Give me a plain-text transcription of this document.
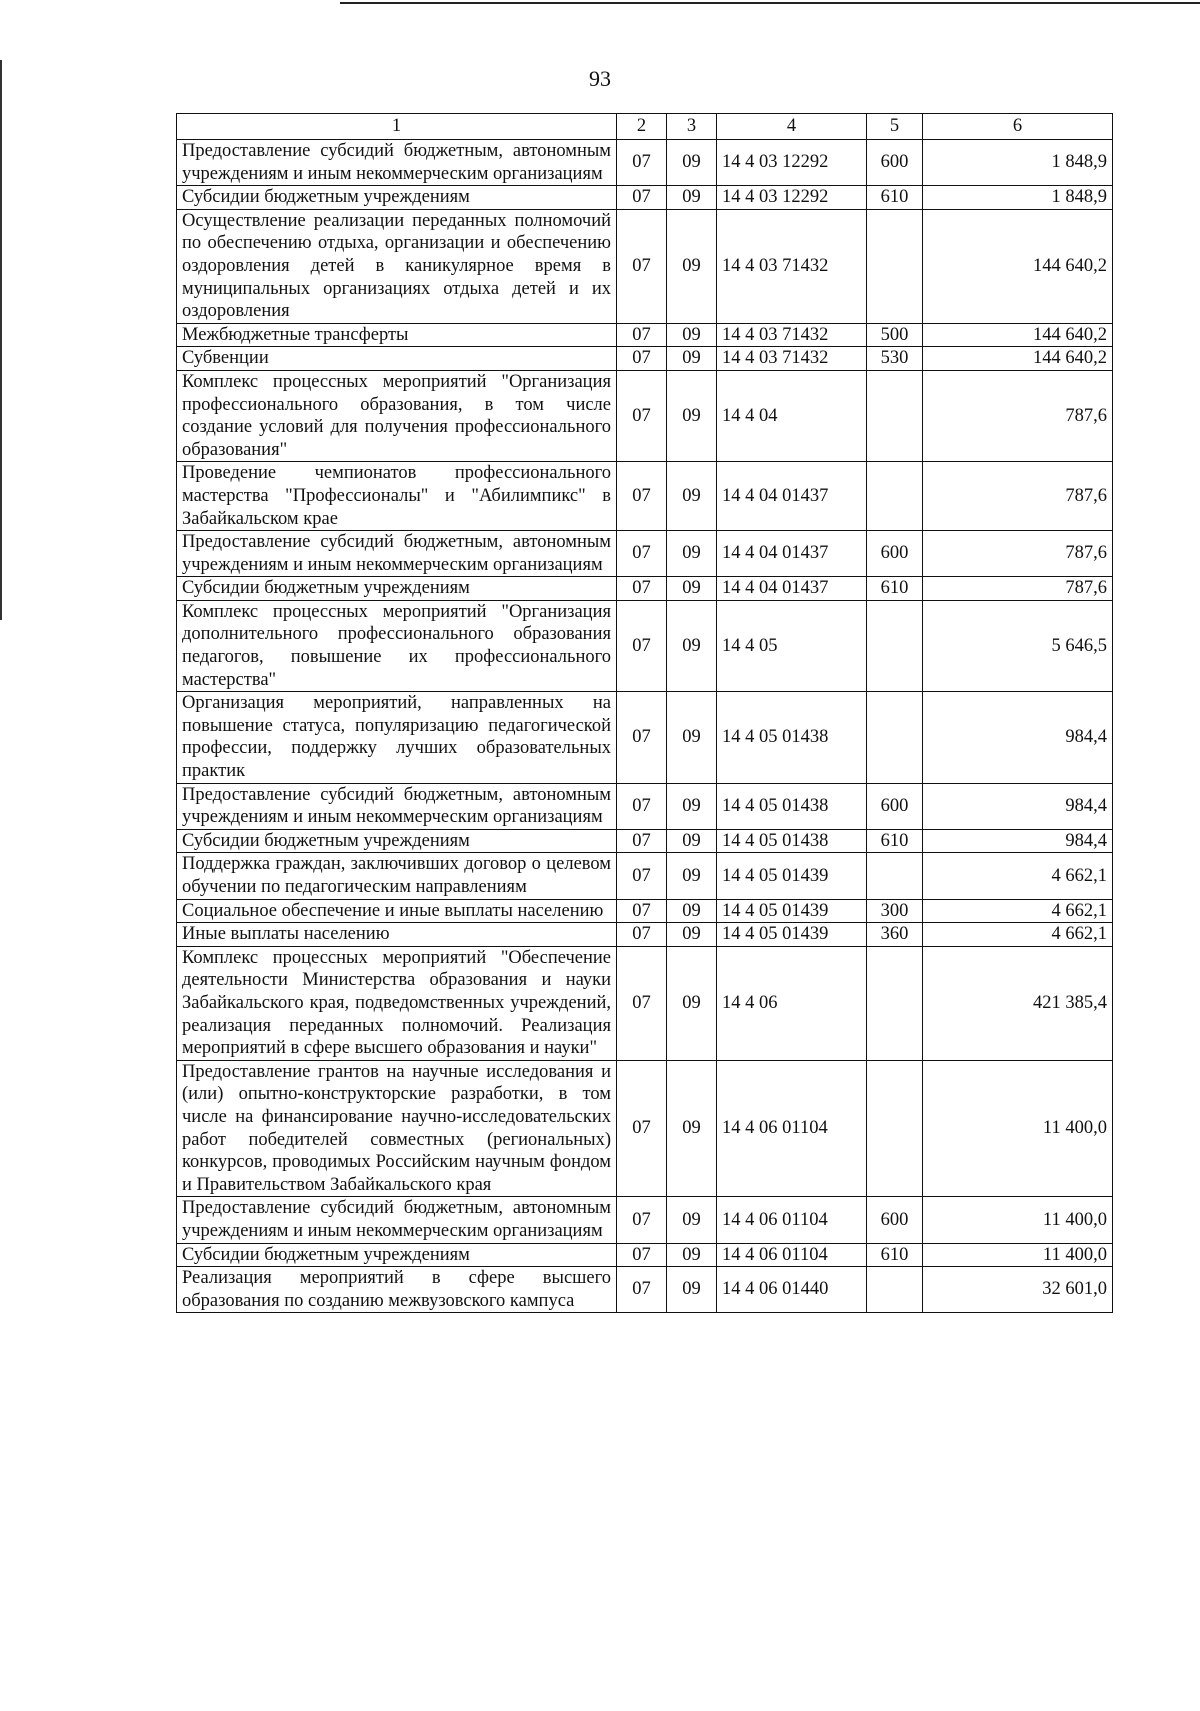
93
1	2	3	4	5	6
Предоставление субсидий бюджетным, автономным учреждениям и иным некоммерческим организациям	07	09	14 4 03 12292	600	1 848,9
Субсидии бюджетным учреждениям	07	09	14 4 03 12292	610	1 848,9
Осуществление реализации переданных полномочий по обеспечению отдыха, организации и обеспечению оздоровления детей в каникулярное время в муниципальных организациях отдыха детей и их оздоровления	07	09	14 4 03 71432		144 640,2
Межбюджетные трансферты	07	09	14 4 03 71432	500	144 640,2
Субвенции	07	09	14 4 03 71432	530	144 640,2
Комплекс процессных мероприятий "Организация профессионального образования, в том числе создание условий для получения профессионального образования"	07	09	14 4 04		787,6
Проведение чемпионатов профессионального мастерства "Профессионалы" и "Абилимпикс" в Забайкальском крае	07	09	14 4 04 01437		787,6
Предоставление субсидий бюджетным, автономным учреждениям и иным некоммерческим организациям	07	09	14 4 04 01437	600	787,6
Субсидии бюджетным учреждениям	07	09	14 4 04 01437	610	787,6
Комплекс процессных мероприятий "Организация дополнительного профессионального образования педагогов, повышение их профессионального мастерства"	07	09	14 4 05		5 646,5
Организация мероприятий, направленных на повышение статуса, популяризацию педагогической профессии, поддержку лучших образовательных практик	07	09	14 4 05 01438		984,4
Предоставление субсидий бюджетным, автономным учреждениям и иным некоммерческим организациям	07	09	14 4 05 01438	600	984,4
Субсидии бюджетным учреждениям	07	09	14 4 05 01438	610	984,4
Поддержка граждан, заключивших договор о целевом обучении по педагогическим направлениям	07	09	14 4 05 01439		4 662,1
Социальное обеспечение и иные выплаты населению	07	09	14 4 05 01439	300	4 662,1
Иные выплаты населению	07	09	14 4 05 01439	360	4 662,1
Комплекс процессных мероприятий "Обеспечение деятельности Министерства образования и науки Забайкальского края, подведомственных учреждений, реализация переданных полномочий. Реализация мероприятий в сфере высшего образования и науки"	07	09	14 4 06		421 385,4
Предоставление грантов на научные исследования и (или) опытно-конструкторские разработки, в том числе на финансирование научно-исследовательских работ победителей совместных (региональных) конкурсов, проводимых Российским научным фондом и Правительством Забайкальского края	07	09	14 4 06 01104		11 400,0
Предоставление субсидий бюджетным, автономным учреждениям и иным некоммерческим организациям	07	09	14 4 06 01104	600	11 400,0
Субсидии бюджетным учреждениям	07	09	14 4 06 01104	610	11 400,0
Реализация мероприятий в сфере высшего образования по созданию межвузовского кампуса	07	09	14 4 06 01440		32 601,0
